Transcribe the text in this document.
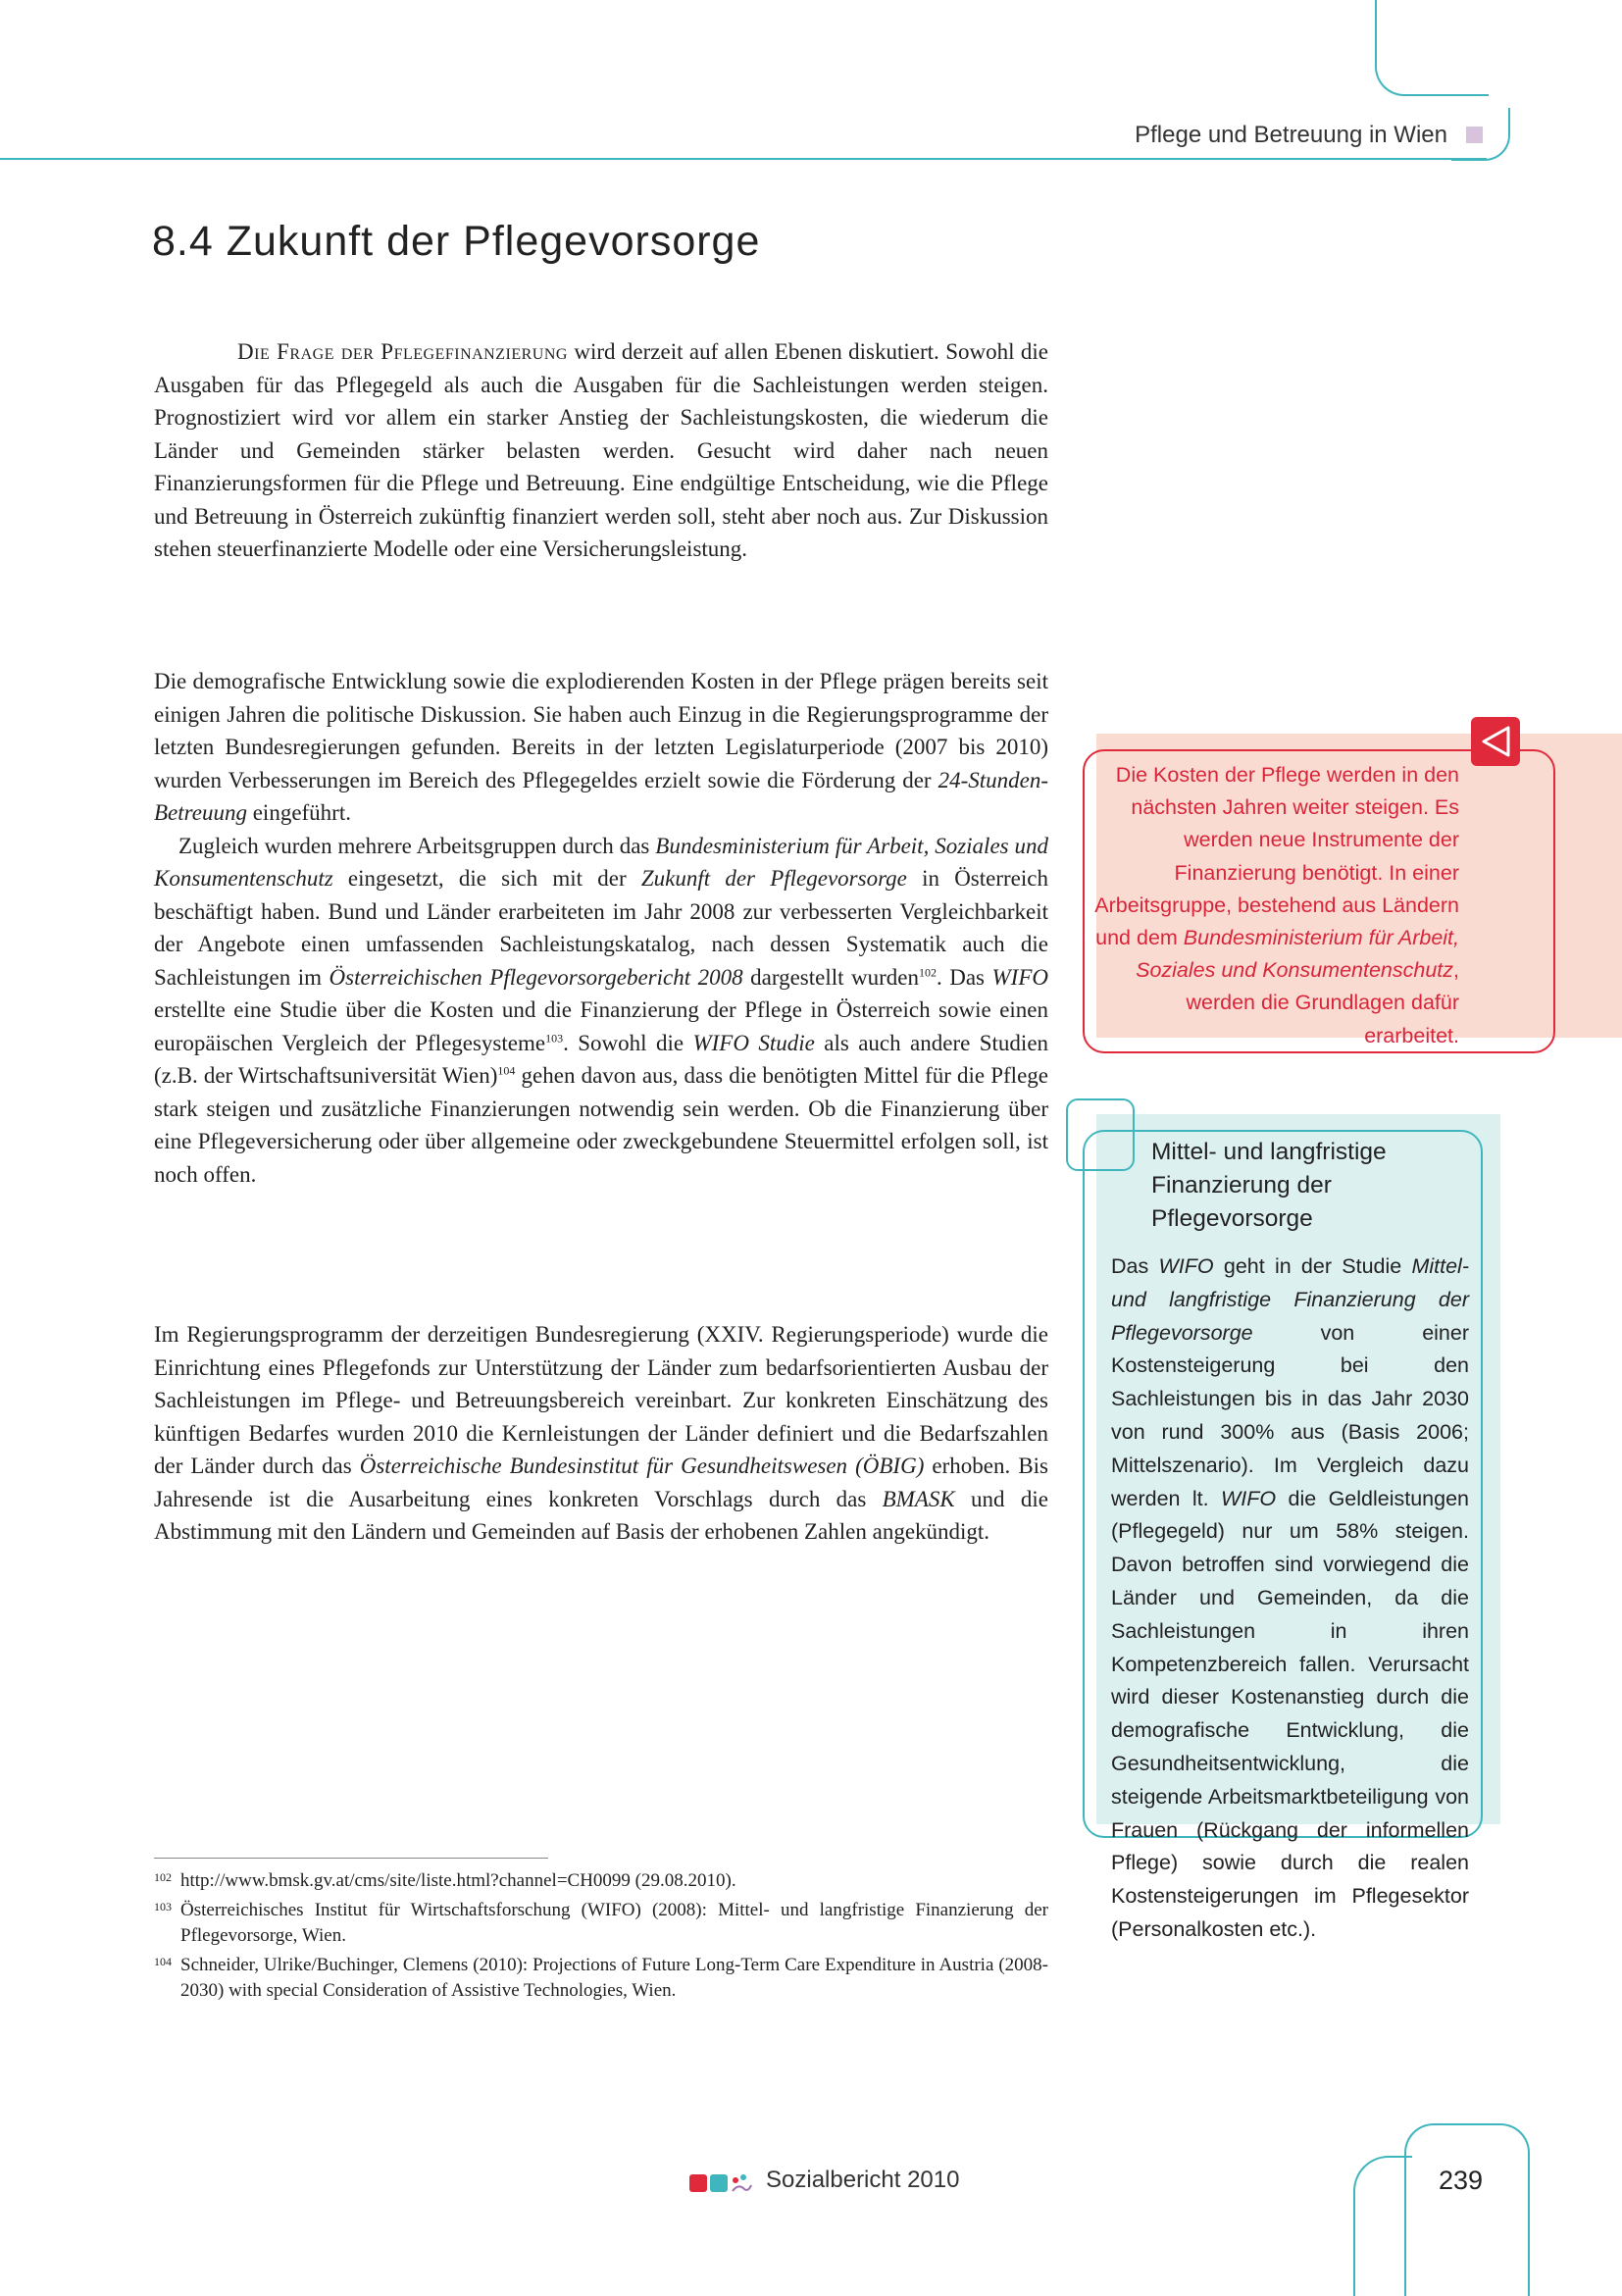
Pflege und Betreuung in Wien
8.4 Zukunft der Pflegevorsorge

Die Frage der Pflegefinanzierung wird derzeit auf allen Ebenen diskutiert. Sowohl die Ausgaben für das Pflegegeld als auch die Ausgaben für die Sachleistungen werden steigen. Prognostiziert wird vor allem ein starker Anstieg der Sachleistungskosten, die wiederum die Länder und Gemeinden stärker belasten werden. Gesucht wird daher nach neuen Finanzierungsformen für die Pflege und Betreuung. Eine endgültige Entscheidung, wie die Pflege und Betreuung in Österreich zukünftig finanziert werden soll, steht aber noch aus. Zur Diskussion stehen steuerfinanzierte Modelle oder eine Versicherungsleistung.

Die demografische Entwicklung sowie die explodierenden Kosten in der Pflege prägen bereits seit einigen Jahren die politische Diskussion. Sie haben auch Einzug in die Regierungsprogramme der letzten Bundesregierungen gefunden. Bereits in der letzten Legislaturperiode (2007 bis 2010) wurden Verbesserungen im Bereich des Pflegegeldes erzielt sowie die Förderung der 24-Stunden-Betreuung eingeführt.

Zugleich wurden mehrere Arbeitsgruppen durch das Bundesministerium für Arbeit, Soziales und Konsumentenschutz eingesetzt, die sich mit der Zukunft der Pflegevorsorge in Österreich beschäftigt haben. Bund und Länder erarbeiteten im Jahr 2008 zur verbesserten Vergleichbarkeit der Angebote einen umfassenden Sachleistungskatalog, nach dessen Systematik auch die Sachleistungen im Österreichischen Pflegevorsorgebericht 2008 dargestellt wurden$^{102}$. Das WIFO erstellte eine Studie über die Kosten und die Finanzierung der Pflege in Österreich sowie einen europäischen Vergleich der Pflegesysteme$^{103}$. Sowohl die WIFO Studie als auch andere Studien (z.B. der Wirtschaftsuniversität Wien)$^{104}$ gehen davon aus, dass die benötigten Mittel für die Pflege stark steigen und zusätzliche Finanzierungen notwendig sein werden. Ob die Finanzierung über eine Pflegeversicherung oder über allgemeine oder zweckgebundene Steuermittel erfolgen soll, ist noch offen.

Im Regierungsprogramm der derzeitigen Bundesregierung (XXIV. Regierungsperiode) wurde die Einrichtung eines Pflegefonds zur Unterstützung der Länder zum bedarfsorientierten Ausbau der Sachleistungen im Pflege- und Betreuungsbereich vereinbart. Zur konkreten Einschätzung des künftigen Bedarfes wurden 2010 die Kernleistungen der Länder definiert und die Bedarfszahlen der Länder durch das Österreichische Bundesinstitut für Gesundheitswesen (ÖBIG) erhoben. Bis Jahresende ist die Ausarbeitung eines konkreten Vorschlags durch das BMASK und die Abstimmung mit den Ländern und Gemeinden auf Basis der erhobenen Zahlen angekündigt.

Die Kosten der Pflege werden in den nächsten Jahren weiter steigen. Es werden neue Instrumente der Finanzierung benötigt. In einer Arbeitsgruppe, bestehend aus Ländern und dem Bundesministerium für Arbeit, Soziales und Konsumentenschutz, werden die Grundlagen dafür erarbeitet.
Mittel- und langfristige Finanzierung der Pflegevorsorge
Das WIFO geht in der Studie Mittel- und langfristige Finanzierung der Pflegevorsorge von einer Kostensteigerung bei den Sachleistungen bis in das Jahr 2030 von rund 300% aus (Basis 2006; Mittelszenario). Im Vergleich dazu werden lt. WIFO die Geldleistungen (Pflegegeld) nur um 58% steigen. Davon betroffen sind vorwiegend die Länder und Gemeinden, da die Sachleistungen in ihren Kompetenzbereich fallen. Verursacht wird dieser Kostenanstieg durch die demografische Entwicklung, die Gesundheitsentwicklung, die steigende Arbeitsmarktbeteiligung von Frauen (Rückgang der informellen Pflege) sowie durch die realen Kostensteigerungen im Pflegesektor (Personalkosten etc.).
102 http://www.bmsk.gv.at/cms/site/liste.html?channel=CH0099 (29.08.2010).
103 Österreichisches Institut für Wirtschaftsforschung (WIFO) (2008): Mittel- und langfristige Finanzierung der Pflegevorsorge, Wien.
104 Schneider, Ulrike/Buchinger, Clemens (2010): Projections of Future Long-Term Care Expenditure in Austria (2008-2030) with special Consideration of Assistive Technologies, Wien.
Sozialbericht 2010	239
